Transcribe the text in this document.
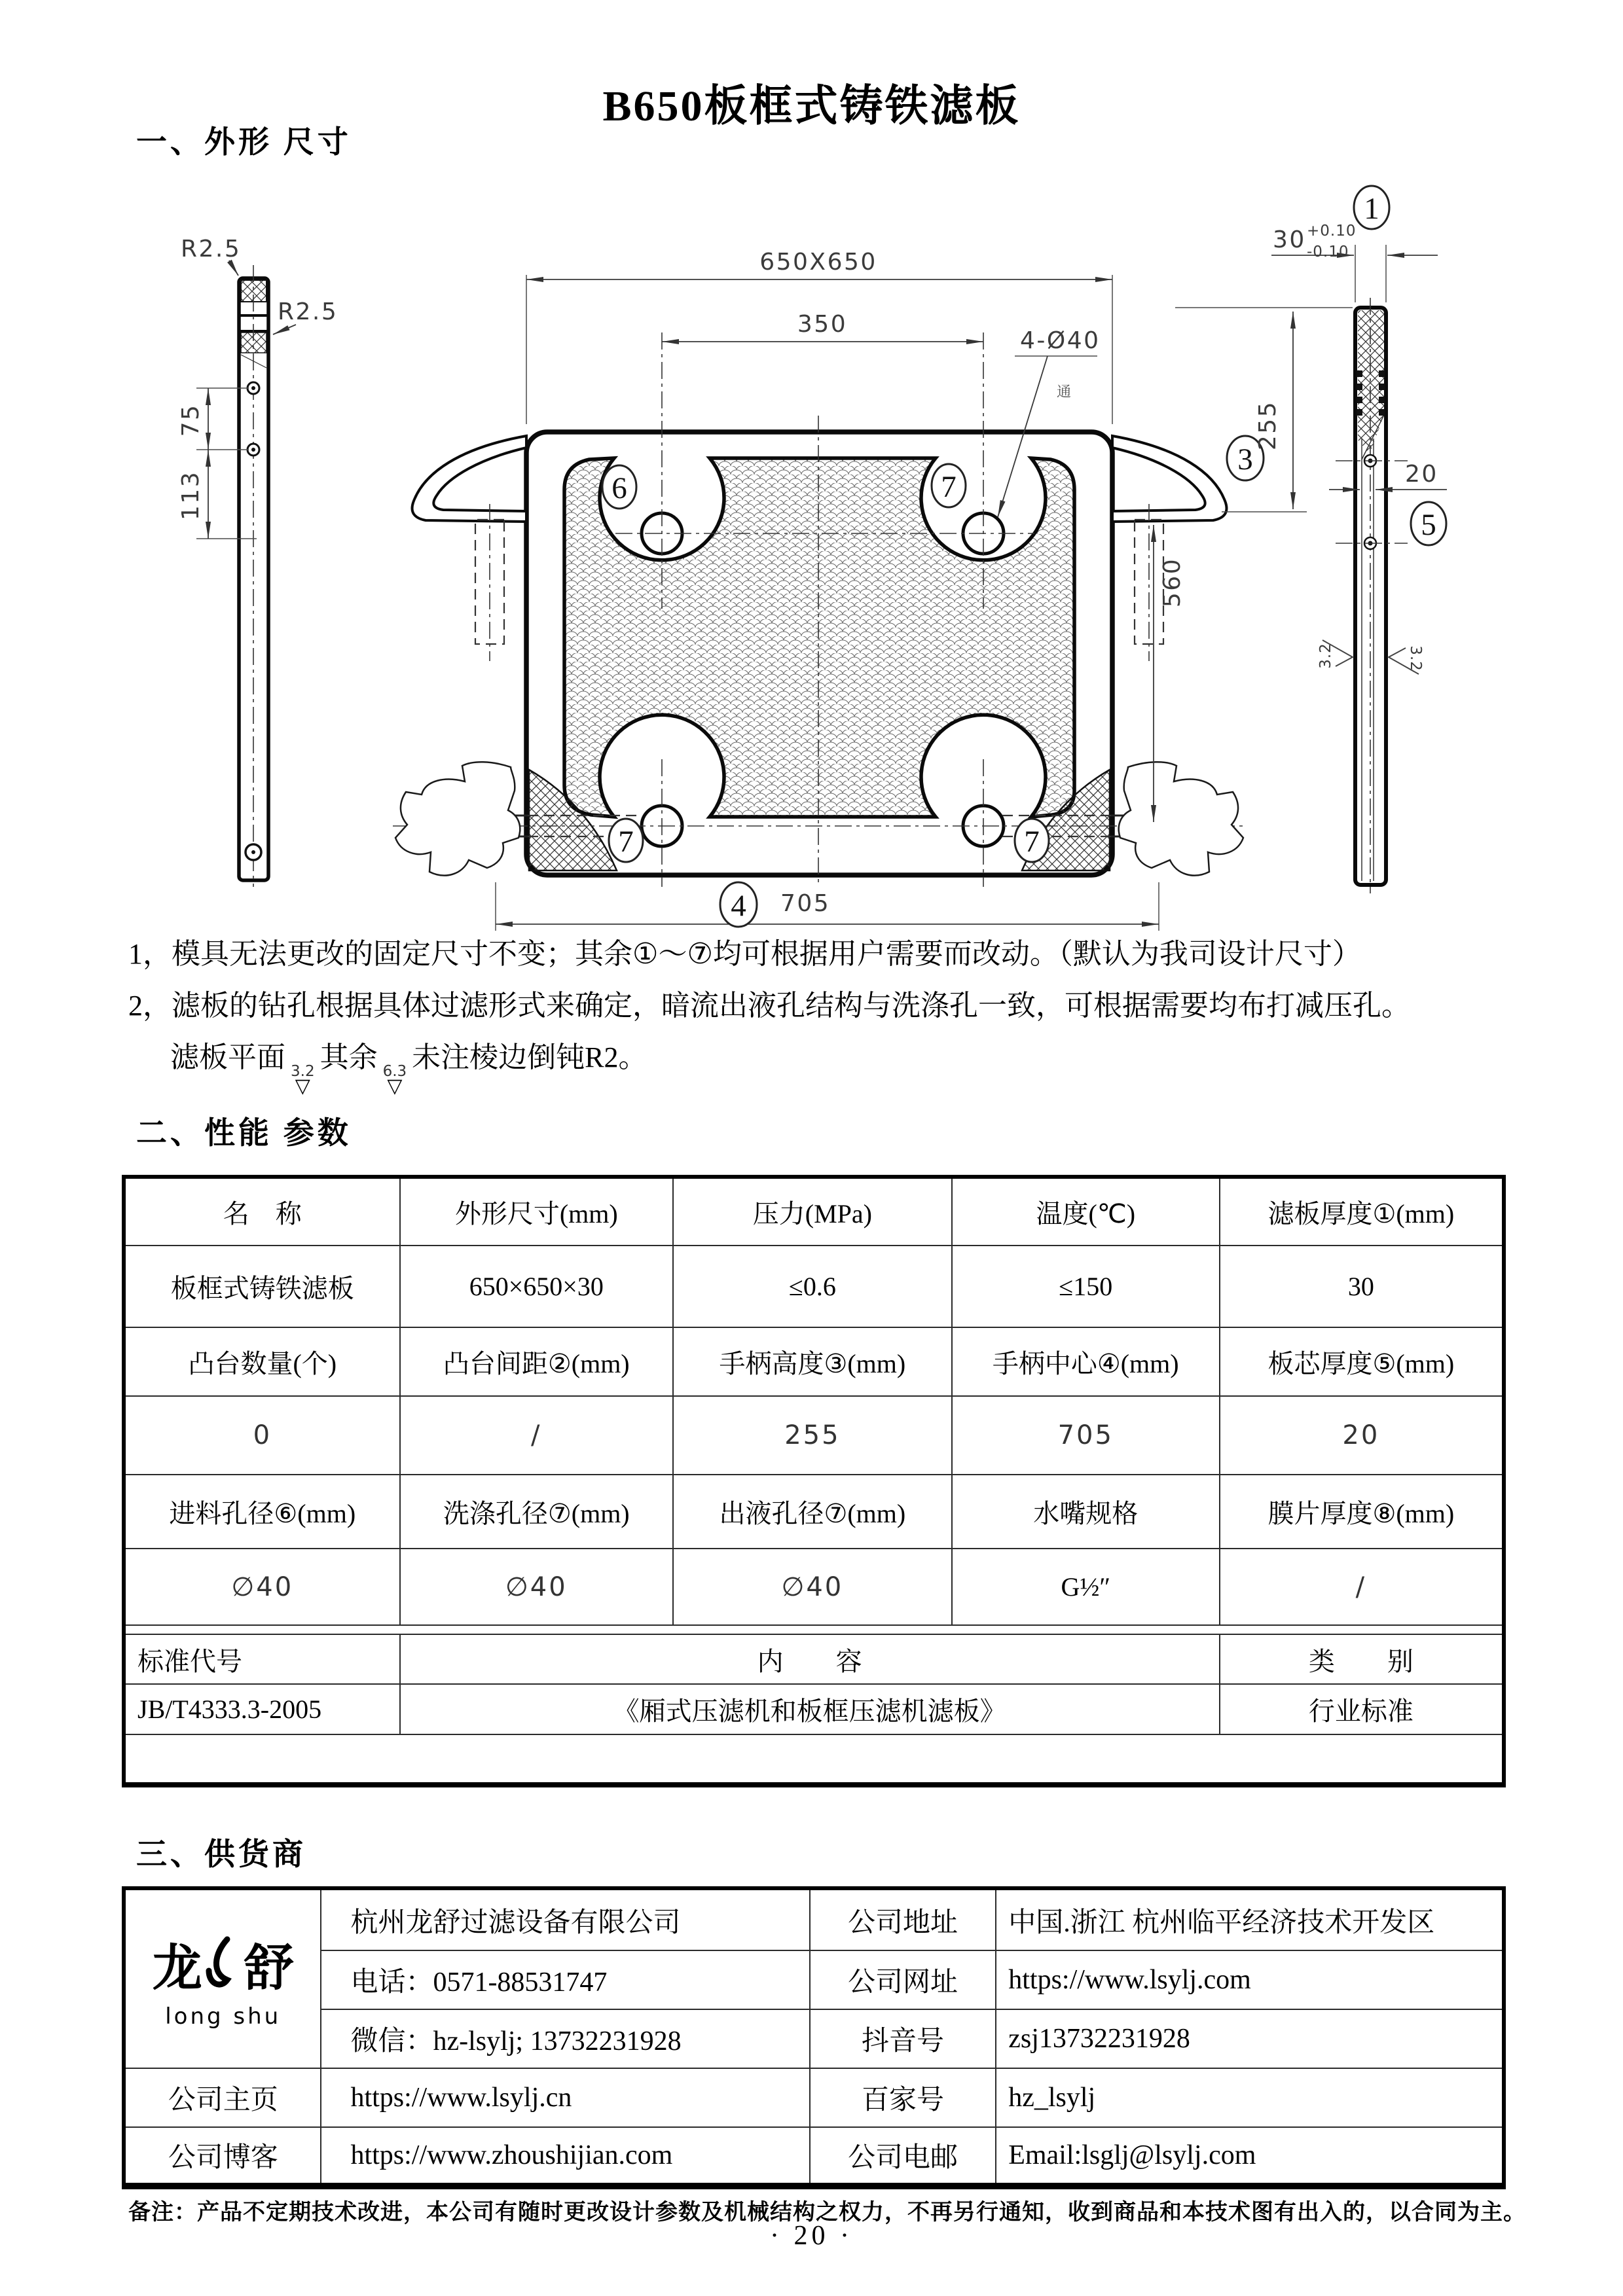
B650板框式铸铁滤板
一、外形 尺寸
R2.5
R2.5
75
113	6	7
7	7
650X650
350
4-Ø40
通
4 705
3
255
560
1
30 +0.10
-0.10
20
5
3.2	3.2
1，模具无法更改的固定尺寸不变；其余①～⑦均可根据用户需要而改动。（默认为我司设计尺寸）
2，滤板的钻孔根据具体过滤形式来确定，暗流出液孔结构与洗涤孔一致，可根据需要均布打减压孔。
滤板平面 3.2
▽
其余 6.3
▽
未注棱边倒钝R2。
二、性能 参数
名　称	外形尺寸(mm)	压力(MPa)	温度(℃)	滤板厚度①(mm)
板框式铸铁滤板	650×650×30	≤0.6	≤150	30
凸台数量(个)	凸台间距②(mm)	手柄高度③(mm)	手柄中心④(mm)	板芯厚度⑤(mm)
0	/	255	705	20
进料孔径⑥(mm)	洗涤孔径⑦(mm)	出液孔径⑦(mm)	水嘴规格	膜片厚度⑧(mm)
∅40	∅40	∅40	G½″	/

标准代号	内　　容			类　　别
JB/T4333.3-2005	《厢式压滤机和板框压滤机滤板》			行业标准

三、供货商
龙 舒
long shu	杭州龙舒过滤设备有限公司	公司地址	中国.浙江 杭州临平经济技术开发区
	电话：0571-88531747	公司网址	https://www.lsylj.com
	微信：hz-lsylj; 13732231928	抖音号	zsj13732231928
公司主页	https://www.lsylj.cn	百家号	hz_lsylj
公司博客	https://www.zhoushijian.com	公司电邮	Email:lsglj@lsylj.com
备注：产品不定期技术改进，本公司有随时更改设计参数及机械结构之权力，不再另行通知，收到商品和本技术图有出入的，以合同为主。
· 20 ·
